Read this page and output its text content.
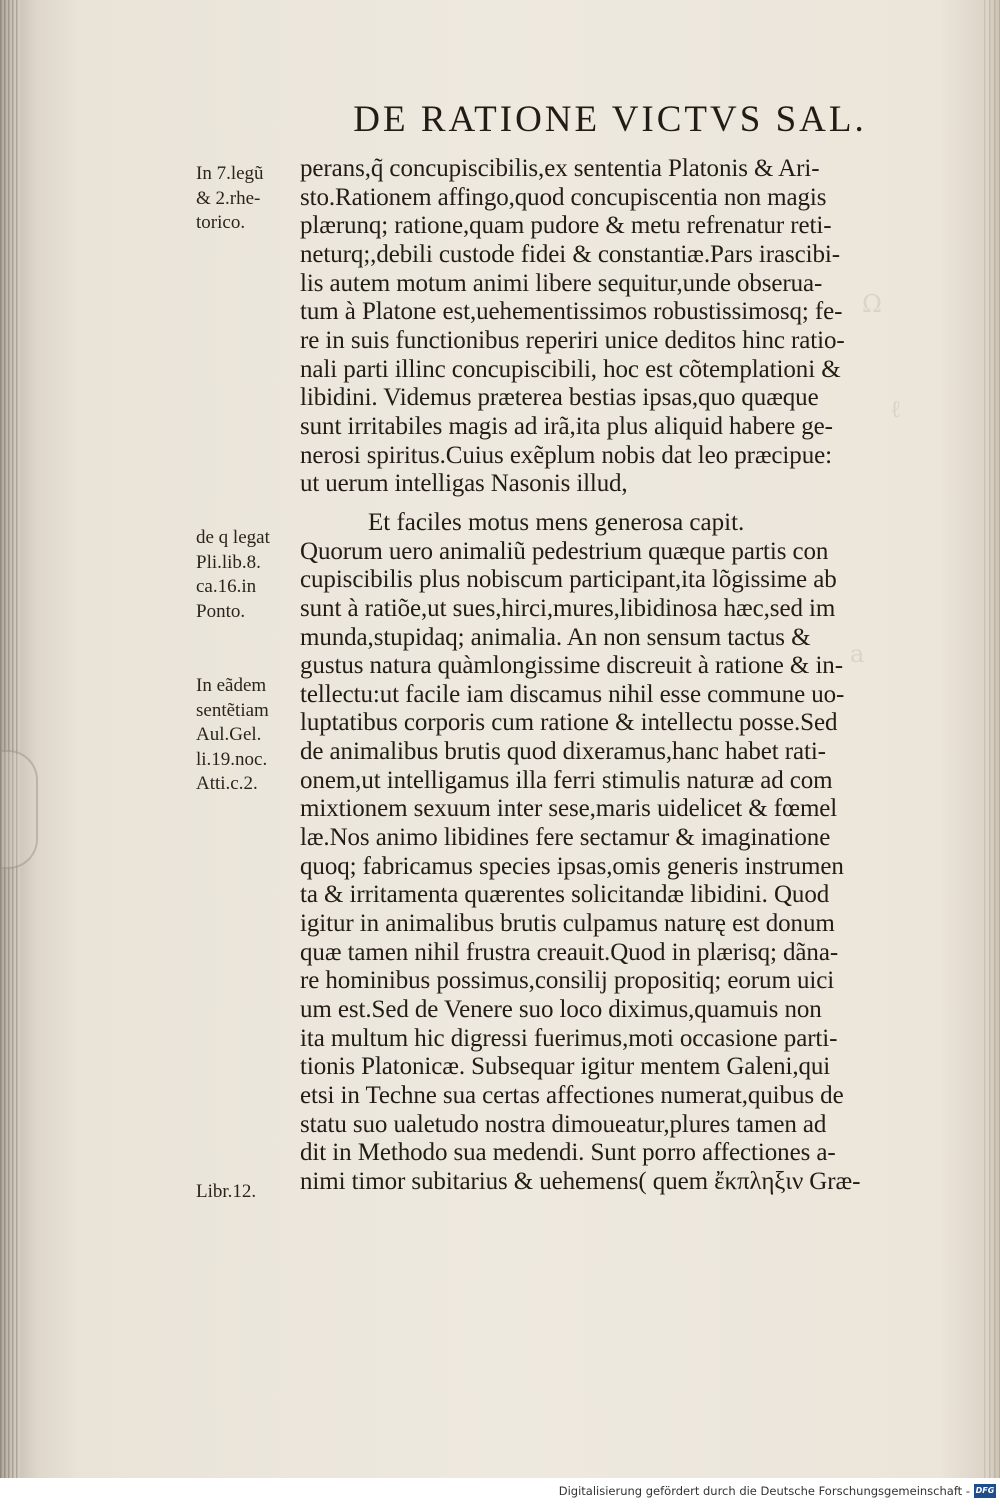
Ω
ℓ
a
DE RATIONE VICTVS SAL.
In 7.legũ
& 2.rhe-
torico.
de q legat
Pli.lib.8.
ca.16.in
Ponto.
In eãdem
sentẽtiam
Aul.Gel.
li.19.noc.
Atti.c.2.
Libr.12.
perans,q̃ concupiscibilis,ex sententia Platonis & Ari-
sto.Rationem affingo,quod concupiscentia non magis
plærunq; ratione,quam pudore & metu refrenatur reti-
neturq;,debili custode fidei & constantiæ.Pars irascibi-
lis autem motum animi libere sequitur,unde obserua-
tum à Platone est,uehementissimos robustissimosq; fe-
re in suis functionibus reperiri unice deditos hinc ratio-
nali parti illinc concupiscibili, hoc est cõtemplationi &
libidini. Videmus præterea bestias ipsas,quo quæque
sunt irritabiles magis ad irã,ita plus aliquid habere ge-
nerosi spiritus.Cuius exẽplum nobis dat leo præcipue:
ut uerum intelligas Nasonis illud,
Et faciles motus mens generosa capit.
Quorum uero animaliũ pedestrium quæque partis con
cupiscibilis plus nobiscum participant,ita lõgissime ab
sunt à ratiõe,ut sues,hirci,mures,libidinosa hæc,sed im
munda,stupidaq; animalia. An non sensum tactus &
gustus natura quàmlongissime discreuit à ratione & in-
tellectu:ut facile iam discamus nihil esse commune uo-
luptatibus corporis cum ratione & intellectu posse.Sed
de animalibus brutis quod dixeramus,hanc habet rati-
onem,ut intelligamus illa ferri stimulis naturæ ad com
mixtionem sexuum inter sese,maris uidelicet & fœmel
læ.Nos animo libidines fere sectamur & imaginatione
quoq; fabricamus species ipsas,omis generis instrumen
ta & irritamenta quærentes solicitandæ libidini. Quod
igitur in animalibus brutis culpamus naturę est donum
quæ tamen nihil frustra creauit.Quod in plærisq; dãna-
re hominibus possimus,consilij propositiq; eorum uici
um est.Sed de Venere suo loco diximus,quamuis non
ita multum hic digressi fuerimus,moti occasione parti-
tionis Platonicæ. Subsequar igitur mentem Galeni,qui
etsi in Techne sua certas affectiones numerat,quibus de
statu suo ualetudo nostra dimoueatur,plures tamen ad
dit in Methodo sua medendi. Sunt porro affectiones a-
nimi timor subitarius & uehemens( quem ἔκπληξιν Græ-
Digitalisierung gefördert durch die Deutsche Forschungsgemeinschaft - DFG
